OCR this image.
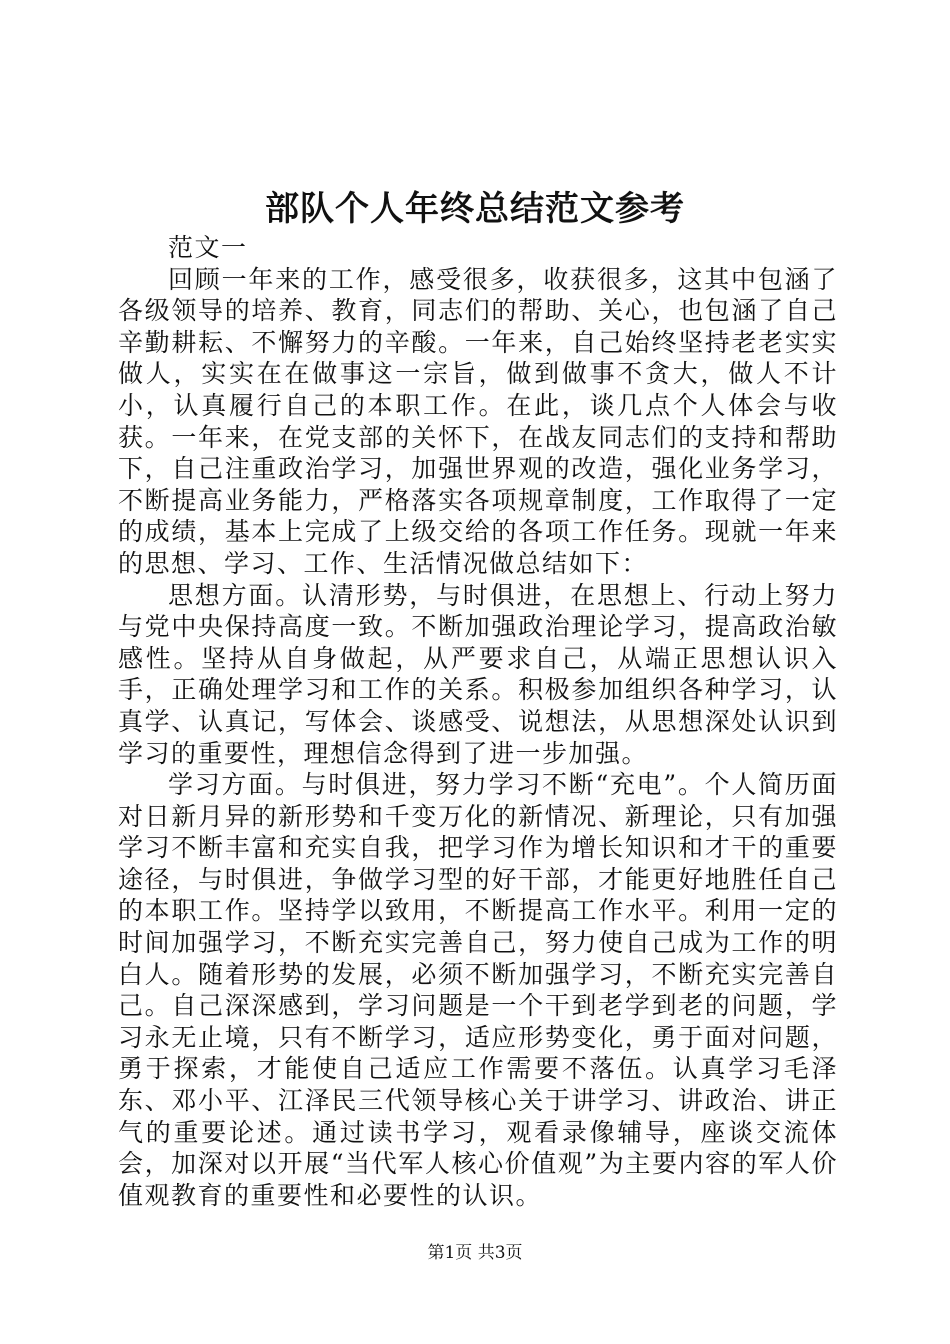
部队个人年终总结范文参考

范文一

回顾一年来的工作，感受很多，收获很多，这其中包涵了各级领导的培养、教育，同志们的帮助、关心，也包涵了自己辛勤耕耘、不懈努力的辛酸。一年来，自己始终坚持老老实实做人，实实在在做事这一宗旨，做到做事不贪大，做人不计小，认真履行自己的本职工作。在此，谈几点个人体会与收获。一年来，在党支部的关怀下，在战友同志们的支持和帮助下，自己注重政治学习，加强世界观的改造，强化业务学习，不断提高业务能力，严格落实各项规章制度，工作取得了一定的成绩，基本上完成了上级交给的各项工作任务。现就一年来的思想、学习、工作、生活情况做总结如下：

思想方面。认清形势，与时俱进，在思想上、行动上努力与党中央保持高度一致。不断加强政治理论学习，提高政治敏感性。坚持从自身做起，从严要求自己，从端正思想认识入手，正确处理学习和工作的关系。积极参加组织各种学习，认真学、认真记，写体会、谈感受、说想法，从思想深处认识到学习的重要性，理想信念得到了进一步加强。

学习方面。与时俱进，努力学习不断“充电”。个人简历面对日新月异的新形势和千变万化的新情况、新理论，只有加强学习不断丰富和充实自我，把学习作为增长知识和才干的重要途径，与时俱进，争做学习型的好干部，才能更好地胜任自己的本职工作。坚持学以致用，不断提高工作水平。利用一定的时间加强学习，不断充实完善自己，努力使自己成为工作的明白人。随着形势的发展，必须不断加强学习，不断充实完善自己。自己深深感到，学习问题是一个干到老学到老的问题，学习永无止境，只有不断学习，适应形势变化，勇于面对问题，勇于探索，才能使自己适应工作需要不落伍。认真学习毛泽东、邓小平、江泽民三代领导核心关于讲学习、讲政治、讲正气的重要论述。通过读书学习，观看录像辅导，座谈交流体会，加深对以开展“当代军人核心价值观”为主要内容的军人价值观教育的重要性和必要性的认识。

第1页 共3页
